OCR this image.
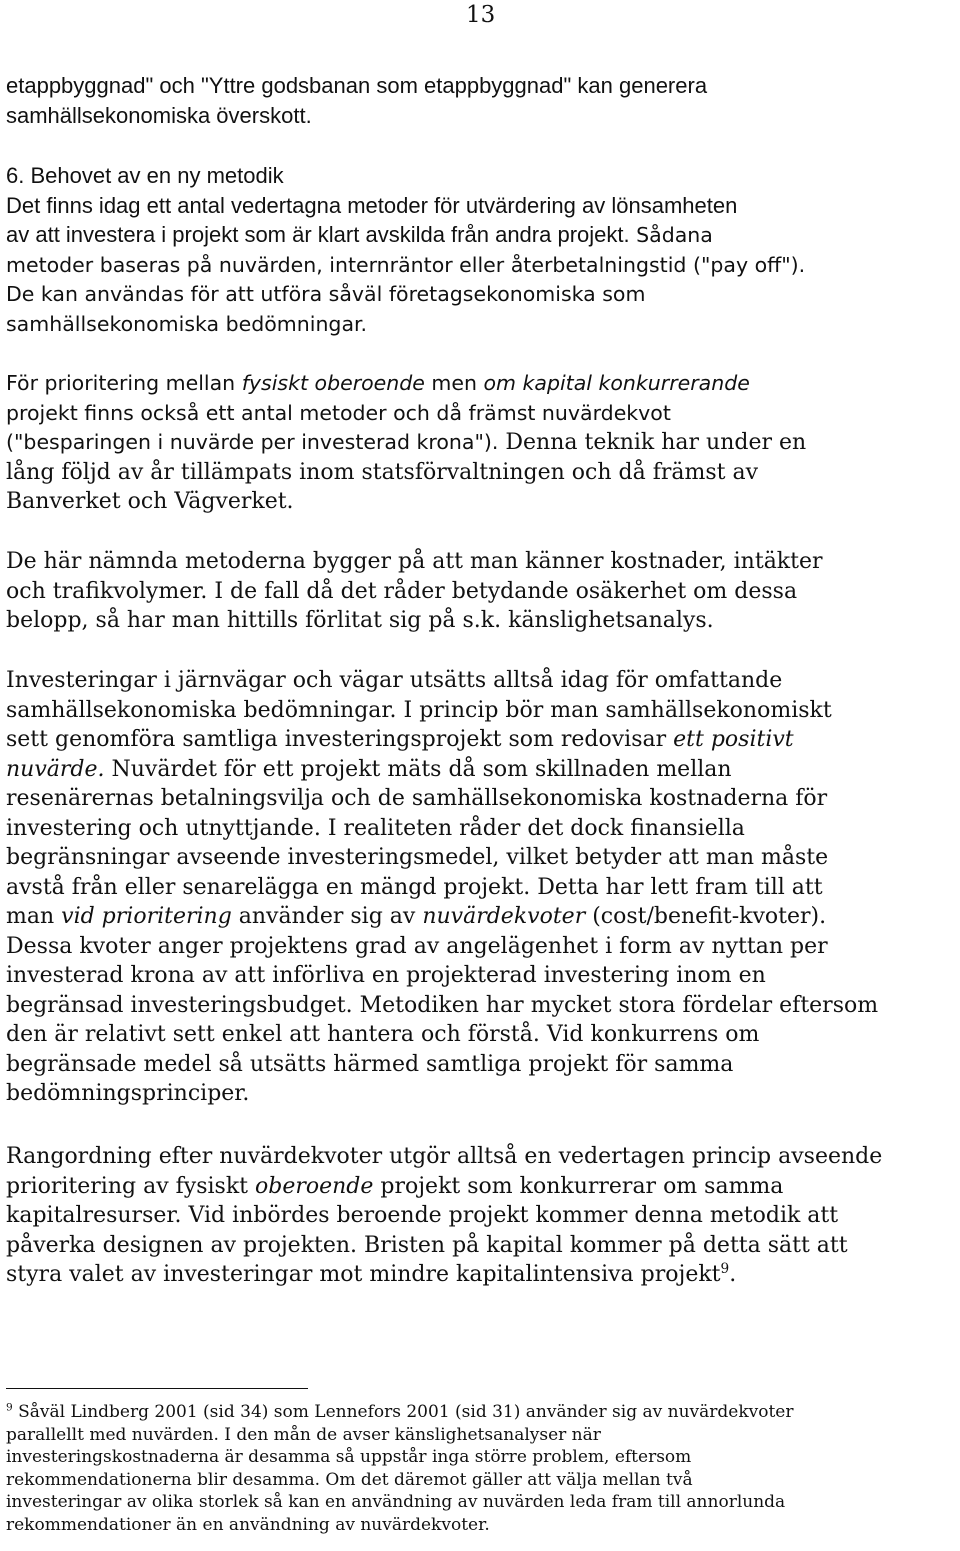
13
etappbyggnad" och "Yttre godsbanan som etappbyggnad" kan generera
samhällsekonomiska överskott.
6. Behovet av en ny metodik
Det finns idag ett antal vedertagna metoder för utvärdering av lönsamheten
av att investera i projekt som är klart avskilda från andra projekt. Sådana
metoder baseras på nuvärden, internräntor eller återbetalningstid ("pay off").
De kan användas för att utföra såväl företagsekonomiska som
samhällsekonomiska bedömningar.
För prioritering mellan fysiskt oberoende men om kapital konkurrerande
projekt finns också ett antal metoder och då främst nuvärdekvot
("besparingen i nuvärde per investerad krona"). Denna teknik har under en
lång följd av år tillämpats inom statsförvaltningen och då främst av
Banverket och Vägverket.
De här nämnda metoderna bygger på att man känner kostnader, intäkter
och trafikvolymer. I de fall då det råder betydande osäkerhet om dessa
belopp, så har man hittills förlitat sig på s.k. känslighetsanalys.
Investeringar i järnvägar och vägar utsätts alltså idag för omfattande
samhällsekonomiska bedömningar. I princip bör man samhällsekonomiskt
sett genomföra samtliga investeringsprojekt som redovisar ett positivt
nuvärde. Nuvärdet för ett projekt mäts då som skillnaden mellan
resenärernas betalningsvilja och de samhällsekonomiska kostnaderna för
investering och utnyttjande. I realiteten råder det dock finansiella
begränsningar avseende investeringsmedel, vilket betyder att man måste
avstå från eller senarelägga en mängd projekt. Detta har lett fram till att
man vid prioritering använder sig av nuvärdekvoter (cost/benefit-kvoter).
Dessa kvoter anger projektens grad av angelägenhet i form av nyttan per
investerad krona av att införliva en projekterad investering inom en
begränsad investeringsbudget. Metodiken har mycket stora fördelar eftersom
den är relativt sett enkel att hantera och förstå. Vid konkurrens om
begränsade medel så utsätts härmed samtliga projekt för samma
bedömningsprinciper.
Rangordning efter nuvärdekvoter utgör alltså en vedertagen princip avseende
prioritering av fysiskt oberoende projekt som konkurrerar om samma
kapitalresurser. Vid inbördes beroende projekt kommer denna metodik att
påverka designen av projekten. Bristen på kapital kommer på detta sätt att
styra valet av investeringar mot mindre kapitalintensiva projekt$^9$.
$^9$ Såväl Lindberg 2001 (sid 34) som Lennefors 2001 (sid 31) använder sig av nuvärdekvoter
parallellt med nuvärden. I den mån de avser känslighetsanalyser när
investeringskostnaderna är desamma så uppstår inga större problem, eftersom
rekommendationerna blir desamma. Om det däremot gäller att välja mellan två
investeringar av olika storlek så kan en användning av nuvärden leda fram till annorlunda
rekommendationer än en användning av nuvärdekvoter.
